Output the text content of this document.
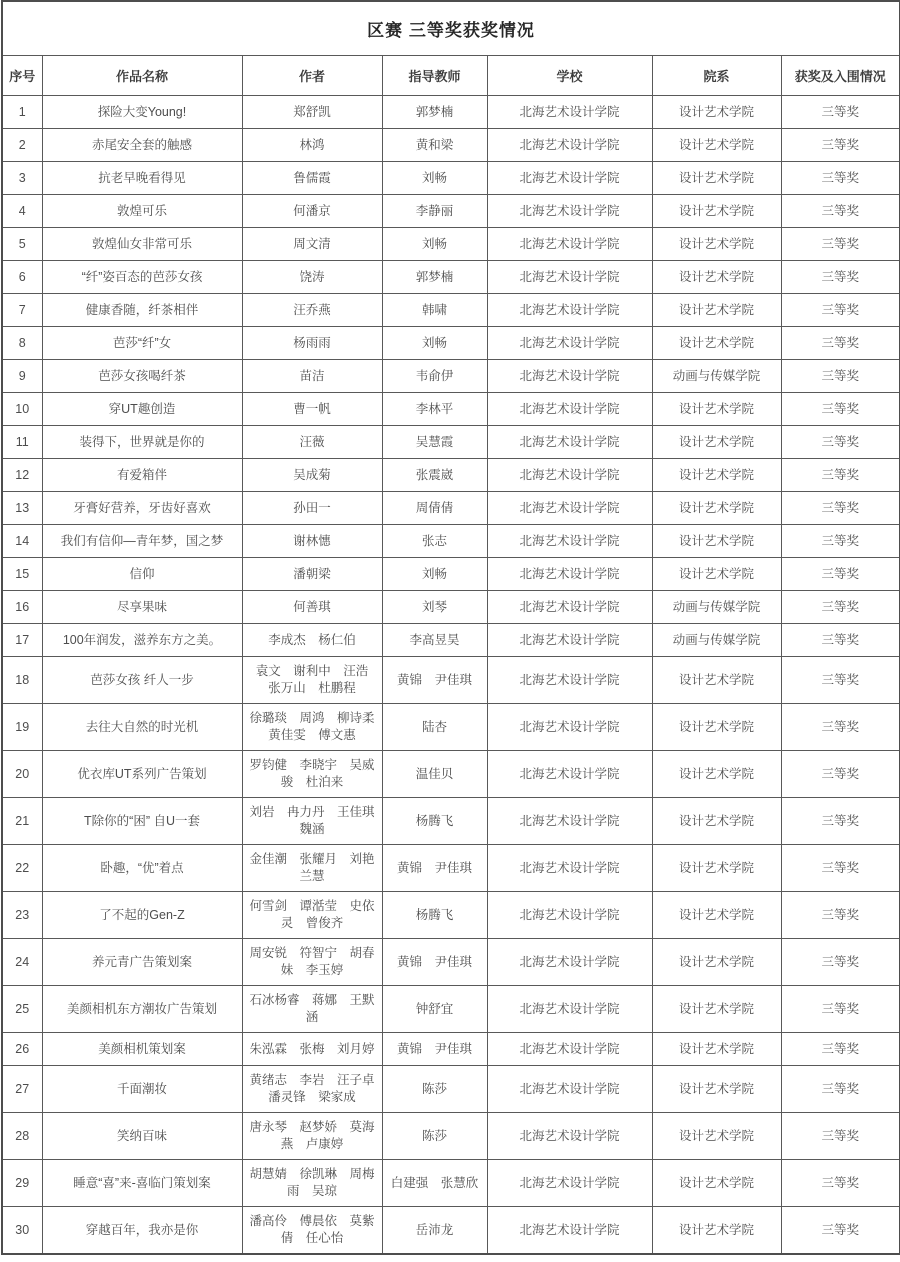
区赛 三等奖获奖情况						
序号	作品名称	作者	指导教师	学校	院系	获奖及入围情况
1	探险大变Young!	郑舒凯	郭梦楠	北海艺术设计学院	设计艺术学院	三等奖
2	赤尾安全套的触感	林鸿	黄和梁	北海艺术设计学院	设计艺术学院	三等奖
3	抗老早晚看得见	鲁儒霞	刘畅	北海艺术设计学院	设计艺术学院	三等奖
4	敦煌可乐	何潘京	李静丽	北海艺术设计学院	设计艺术学院	三等奖
5	敦煌仙女非常可乐	周文清	刘畅	北海艺术设计学院	设计艺术学院	三等奖
6	“纤”姿百态的芭莎女孩	饶涛	郭梦楠	北海艺术设计学院	设计艺术学院	三等奖
7	健康香随，纤茶相伴	汪乔燕	韩啸	北海艺术设计学院	设计艺术学院	三等奖
8	芭莎“纤”女	杨雨雨	刘畅	北海艺术设计学院	设计艺术学院	三等奖
9	芭莎女孩喝纤茶	苗洁	韦俞伊	北海艺术设计学院	动画与传媒学院	三等奖
10	穿UT趣创造	曹一帆	李林平	北海艺术设计学院	设计艺术学院	三等奖
11	装得下，世界就是你的	汪薇	吴慧霞	北海艺术设计学院	设计艺术学院	三等奖
12	有爱箱伴	吴成菊	张震崴	北海艺术设计学院	设计艺术学院	三等奖
13	牙膏好营养，牙齿好喜欢	孙田一	周倩倩	北海艺术设计学院	设计艺术学院	三等奖
14	我们有信仰—青年梦，国之梦	谢林憓	张志	北海艺术设计学院	设计艺术学院	三等奖
15	信仰	潘朝梁	刘畅	北海艺术设计学院	设计艺术学院	三等奖
16	尽享果味	何善琪	刘琴	北海艺术设计学院	动画与传媒学院	三等奖
17	100年润发，滋养东方之美。	李成杰　杨仁伯	李高昱昊	北海艺术设计学院	动画与传媒学院	三等奖
18	芭莎女孩 纤人一步	袁文　谢利中　汪浩　张万山　杜鹏程	黄锦　尹佳琪	北海艺术设计学院	设计艺术学院	三等奖
19	去往大自然的时光机	徐璐琰　周鸿　柳诗柔　黄佳雯　傅文惠	陆杏	北海艺术设计学院	设计艺术学院	三等奖
20	优衣库UT系列广告策划	罗钧健　李晓宇　吴威骏　杜泊来	温佳贝	北海艺术设计学院	设计艺术学院	三等奖
21	T除你的“困” 自U一套	刘岩　冉力丹　王佳琪　魏涵	杨腾飞	北海艺术设计学院	设计艺术学院	三等奖
22	卧趣，“优”着点	金佳潮　张耀月　刘艳　兰慧	黄锦　尹佳琪	北海艺术设计学院	设计艺术学院	三等奖
23	了不起的Gen-Z	何雪剑　谭湉莹　史依灵　曾俊齐	杨腾飞	北海艺术设计学院	设计艺术学院	三等奖
24	养元青广告策划案	周安锐　符智宁　胡春妹　李玉婷	黄锦　尹佳琪	北海艺术设计学院	设计艺术学院	三等奖
25	美颜相机东方潮妆广告策划	石冰杨睿　蒋娜　王默涵	钟舒宜	北海艺术设计学院	设计艺术学院	三等奖
26	美颜相机策划案	朱泓霖　张梅　刘月婷	黄锦　尹佳琪	北海艺术设计学院	设计艺术学院	三等奖
27	千面潮妆	黄绪志　李岩　汪子卓　潘灵锋　梁家成	陈莎	北海艺术设计学院	设计艺术学院	三等奖
28	笑纳百味	唐永琴　赵梦娇　莫海燕　卢康婷	陈莎	北海艺术设计学院	设计艺术学院	三等奖
29	睡意“喜”来-喜临门策划案	胡慧婧　徐凯琳　周梅雨　吴琼	白建强　张慧欣	北海艺术设计学院	设计艺术学院	三等奖
30	穿越百年，我亦是你	潘高伶　傅晨依　莫紫倩　任心怡	岳沛龙	北海艺术设计学院	设计艺术学院	三等奖
